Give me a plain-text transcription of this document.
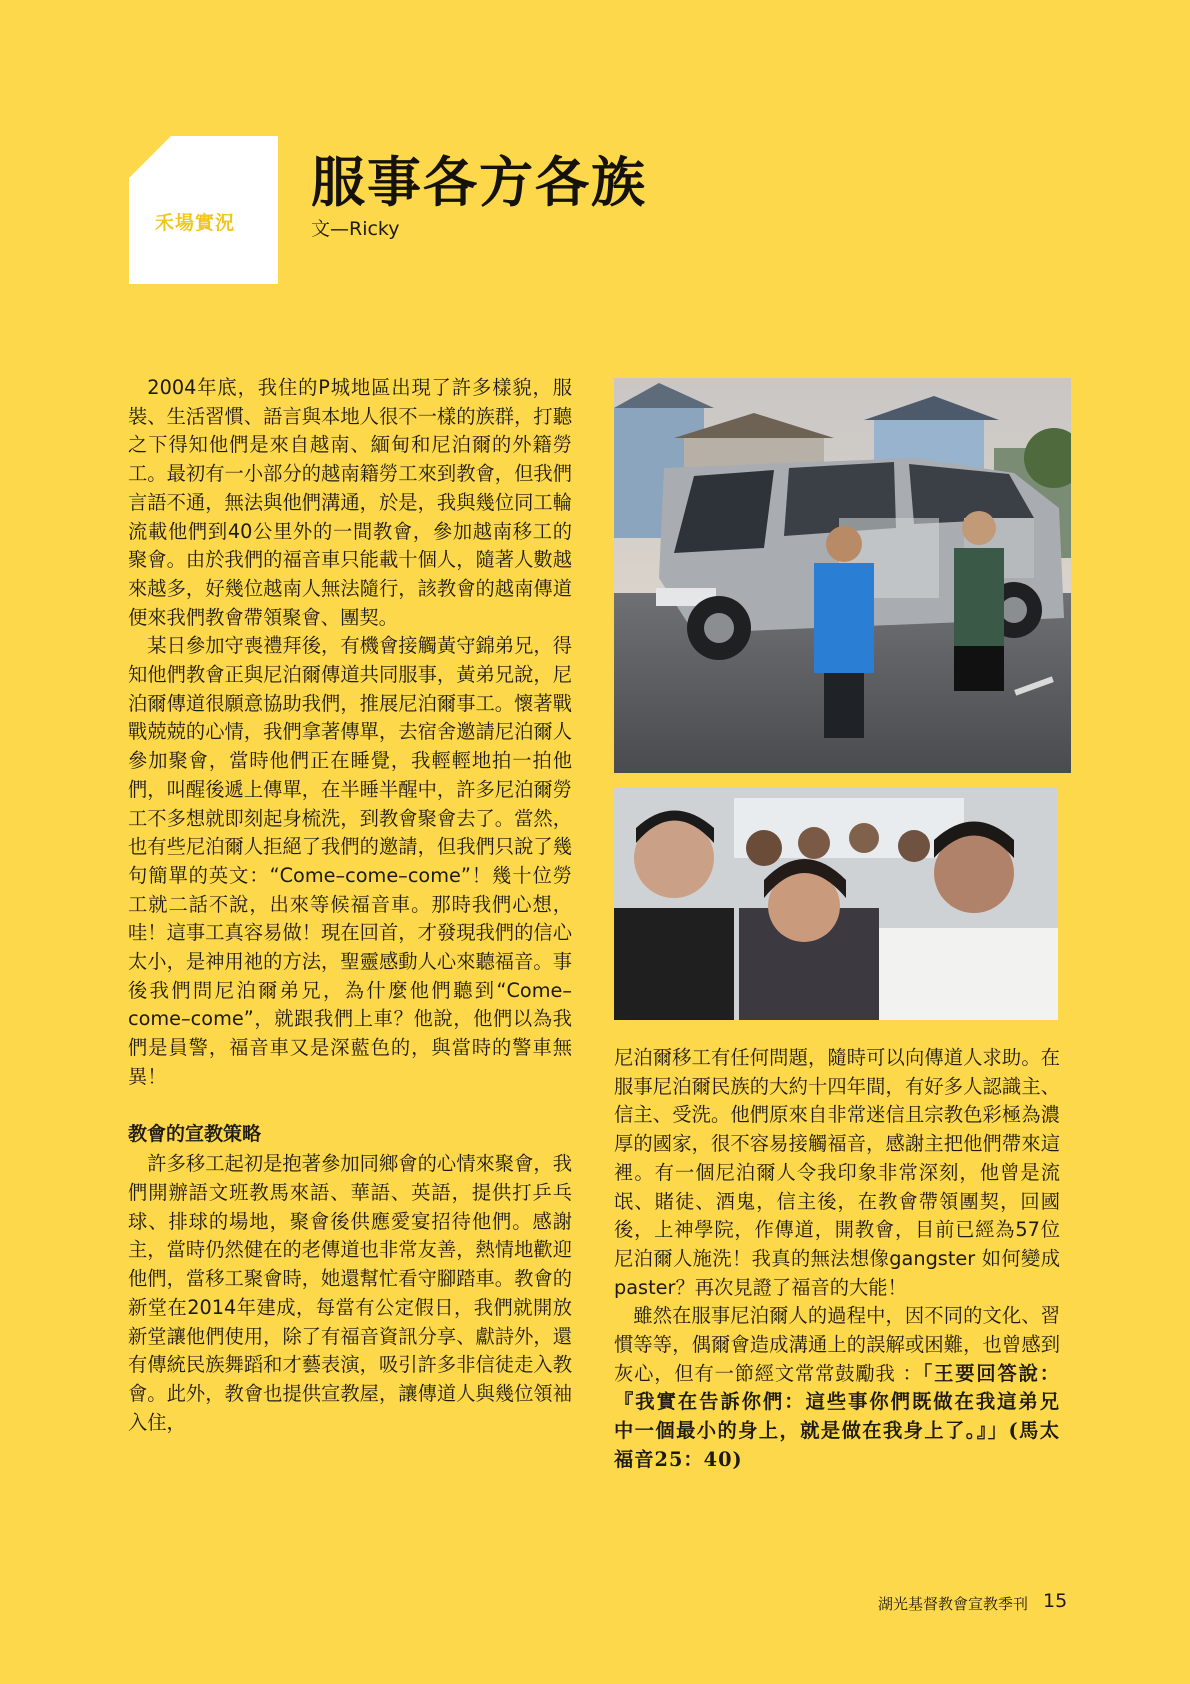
禾場實況
服事各方各族
文—Ricky

2004年底，我住的P城地區出現了許多樣貌，服裝、生活習慣、語言與本地人很不一樣的族群，打聽之下得知他們是來自越南、緬甸和尼泊爾的外籍勞工。最初有一小部分的越南籍勞工來到教會，但我們言語不通，無法與他們溝通，於是，我與幾位同工輪流載他們到40公里外的一間教會，參加越南移工的聚會。由於我們的福音車只能載十個人，隨著人數越來越多，好幾位越南人無法隨行，該教會的越南傳道便來我們教會帶領聚會、團契。

某日參加守喪禮拜後，有機會接觸黃守錦弟兄，得知他們教會正與尼泊爾傳道共同服事，黃弟兄說，尼泊爾傳道很願意協助我們，推展尼泊爾事工。懷著戰戰兢兢的心情，我們拿著傳單，去宿舍邀請尼泊爾人參加聚會，當時他們正在睡覺，我輕輕地拍一拍他們，叫醒後遞上傳單，在半睡半醒中，許多尼泊爾勞工不多想就即刻起身梳洗，到教會聚會去了。當然，也有些尼泊爾人拒絕了我們的邀請，但我們只說了幾句簡單的英文：“Come–come–come”！幾十位勞工就二話不說，出來等候福音車。那時我們心想，哇！這事工真容易做！現在回首，才發現我們的信心太小，是神用祂的方法，聖靈感動人心來聽福音。事後我們問尼泊爾弟兄，為什麼他們聽到“Come–come–come”，就跟我們上車？他說，他們以為我們是員警，福音車又是深藍色的，與當時的警車無異！

教會的宣教策略

許多移工起初是抱著參加同鄉會的心情來聚會，我們開辦語文班教馬來語、華語、英語，提供打乒乓球、排球的場地，聚會後供應愛宴招待他們。感謝主，當時仍然健在的老傳道也非常友善，熱情地歡迎他們，當移工聚會時，她還幫忙看守腳踏車。教會的新堂在2014年建成，每當有公定假日，我們就開放新堂讓他們使用，除了有福音資訊分享、獻詩外，還有傳統民族舞蹈和才藝表演，吸引許多非信徒走入教會。此外，教會也提供宣教屋，讓傳道人與幾位領袖入住，

尼泊爾移工有任何問題，隨時可以向傳道人求助。在服事尼泊爾民族的大約十四年間，有好多人認識主、信主、受洗。他們原來自非常迷信且宗教色彩極為濃厚的國家，很不容易接觸福音，感謝主把他們帶來這裡。有一個尼泊爾人令我印象非常深刻，他曾是流氓、賭徒、酒鬼，信主後，在教會帶領團契，回國後，上神學院，作傳道，開教會，目前已經為57位尼泊爾人施洗！我真的無法想像gangster 如何變成paster？再次見證了福音的大能！

雖然在服事尼泊爾人的過程中，因不同的文化、習慣等等，偶爾會造成溝通上的誤解或困難，也曾感到灰心，但有一節經文常常鼓勵我 ：「王要回答說：『我實在告訴你們：這些事你們既做在我這弟兄中一個最小的身上，就是做在我身上了。』」(馬太福音25：40)

湖光基督教會宣教季刊 15
